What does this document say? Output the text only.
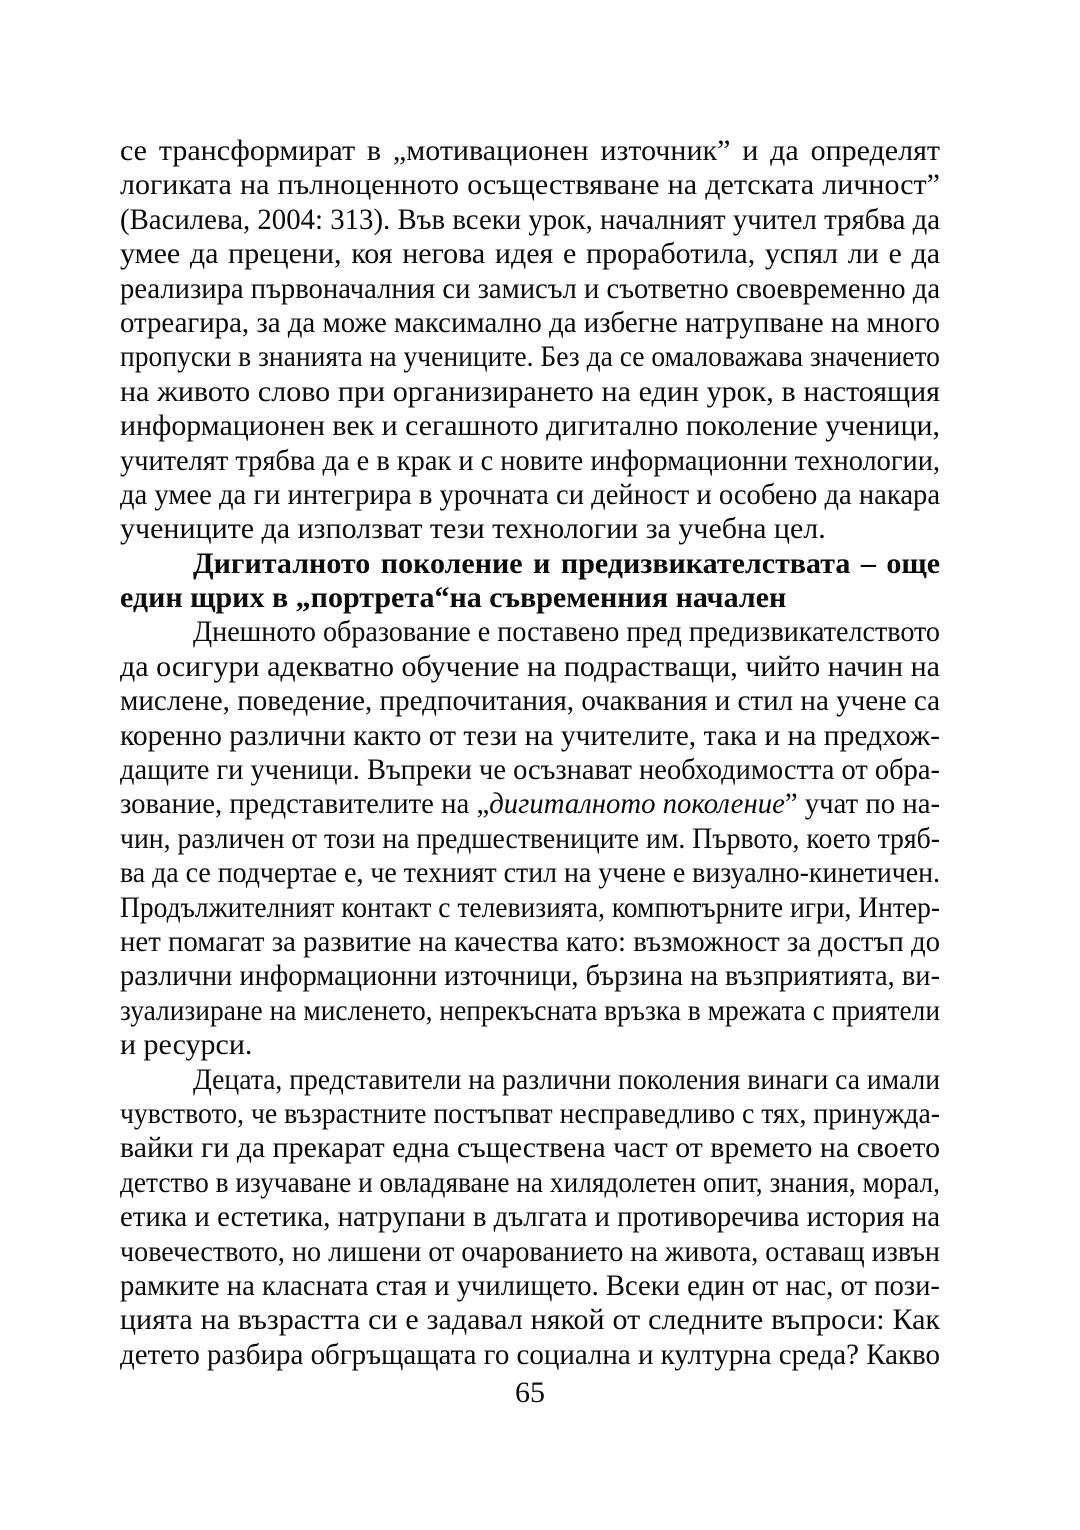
се трансформират в „мотивационен източник” и да определят
логиката на пълноценното осъществяване на детската личност”
(Василева, 2004: 313). Във всеки урок, началният учител трябва да
умее да прецени, коя негова идея е проработила, успял ли е да
реализира първоначалния си замисъл и съответно своевременно да
отреагира, за да може максимално да избегне натрупване на много
пропуски в знанията на учениците. Без да се омаловажава значението
на живото слово при организирането на един урок, в настоящия
информационен век и сегашното дигитално поколение ученици,
учителят трябва да е в крак и с новите информационни технологии,
да умее да ги интегрира в урочната си дейност и особено да накара
учениците да използват тези технологии за учебна цел.
Дигиталното поколение и предизвикателствата – още
един щрих в „портрета“на съвременния начален
Днешното образование е поставено пред предизвикателството
да осигури адекватно обучение на подрастващи, чийто начин на
мислене, поведение, предпочитания, очаквания и стил на учене са
коренно различни както от тези на учителите, така и на предхож-
дащите ги ученици. Въпреки че осъзнават необходимостта от обра-
зование, представителите на „дигиталното поколение” учат по на-
чин, различен от този на предшествениците им. Първото, което тряб-
ва да се подчертае е, че техният стил на учене е визуално-кинетичен.
Продължителният контакт с телевизията, компютърните игри, Интер-
нет помагат за развитие на качества като: възможност за достъп до
различни информационни източници, бързина на възприятията, ви-
зуализиране на мисленето, непрекъсната връзка в мрежата с приятели
и ресурси.
Децата, представители на различни поколения винаги са имали
чувството, че възрастните постъпват несправедливо с тях, принужда-
вайки ги да прекарат една съществена част от времето на своето
детство в изучаване и овладяване на хилядолетен опит, знания, морал,
етика и естетика, натрупани в дългата и противоречива история на
човечеството, но лишени от очарованието на живота, оставащ извън
рамките на класната стая и училището. Всеки един от нас, от пози-
цията на възрастта си е задавал някой от следните въпроси: Как
детето разбира обгръщащата го социална и културна среда? Какво
65
